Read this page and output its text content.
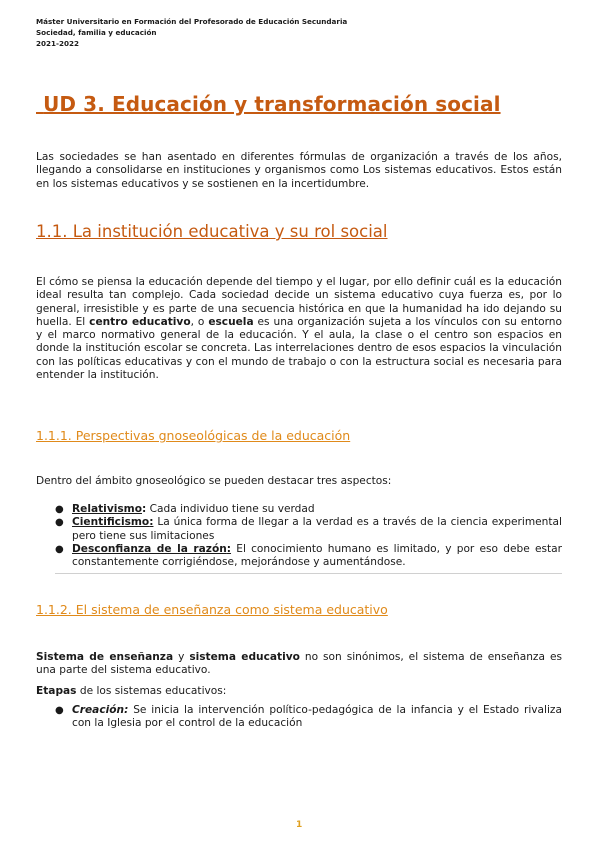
Máster Universitario en Formación del Profesorado de Educación Secundaria
Sociedad, familia y educación
2021-2022
UD 3. Educación y transformación social
Las sociedades se han asentado en diferentes fórmulas de organización a través de los años, llegando a consolidarse en instituciones y organismos como Los sistemas educativos. Estos están en los sistemas educativos y se sostienen en la incertidumbre.
1.1. La institución educativa y su rol social
El cómo se piensa la educación depende del tiempo y el lugar, por ello definir cuál es la educación ideal resulta tan complejo. Cada sociedad decide un sistema educativo cuya fuerza es, por lo general, irresistible y es parte de una secuencia histórica en que la humanidad ha ido dejando su huella. El centro educativo, o escuela es una organización sujeta a los vínculos con su entorno y el marco normativo general de la educación. Y el aula, la clase o el centro son espacios en donde la institución escolar se concreta. Las interrelaciones dentro de esos espacios la vinculación con las políticas educativas y con el mundo de trabajo o con la estructura social es necesaria para entender la institución.
1.1.1. Perspectivas gnoseológicas de la educación
Dentro del ámbito gnoseológico se pueden destacar tres aspectos:
● Relativismo: Cada individuo tiene su verdad
● Cientificismo: La única forma de llegar a la verdad es a través de la ciencia experimental pero tiene sus limitaciones
● Desconfianza de la razón: El conocimiento humano es limitado, y por eso debe estar constantemente corrigiéndose, mejorándose y aumentándose.
1.1.2. El sistema de enseñanza como sistema educativo
Sistema de enseñanza y sistema educativo no son sinónimos, el sistema de enseñanza es una parte del sistema educativo.
Etapas de los sistemas educativos:
● Creación: Se inicia la intervención político-pedagógica de la infancia y el Estado rivaliza con la Iglesia por el control de la educación
1
